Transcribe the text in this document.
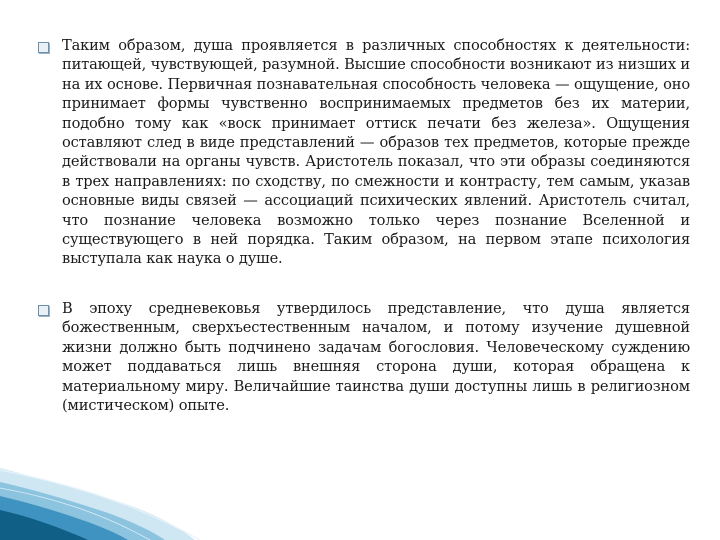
Таким образом, душа проявляется в различных способностях к деятельности: питающей, чувствующей, разумной. Высшие способности возникают из низших и на их основе. Первичная познавательная способность человека — ощущение, оно принимает формы чувственно воспринимаемых предметов без их материи, подобно тому как «воск принимает оттиск печати без железа». Ощущения оставляют след в виде представлений — образов тех предметов, которые прежде действовали на органы чувств. Аристотель показал, что эти образы соединяются в трех направлениях: по сходству, по смежности и контрасту, тем самым, указав основные виды связей — ассоциаций психических явлений. Аристотель считал, что познание человека возможно только через познание Вселенной и существующего в ней порядка. Таким образом, на первом этапе психология выступала как наука о душе.

В эпоху средневековья утвердилось представление, что душа является божественным, сверхъестественным началом, и потому изучение душевной жизни должно быть подчинено задачам богословия. Человеческому суждению может поддаваться лишь внешняя сторона души, которая обращена к материальному миру. Величайшие таинства души доступны лишь в религиозном (мистическом) опыте.
